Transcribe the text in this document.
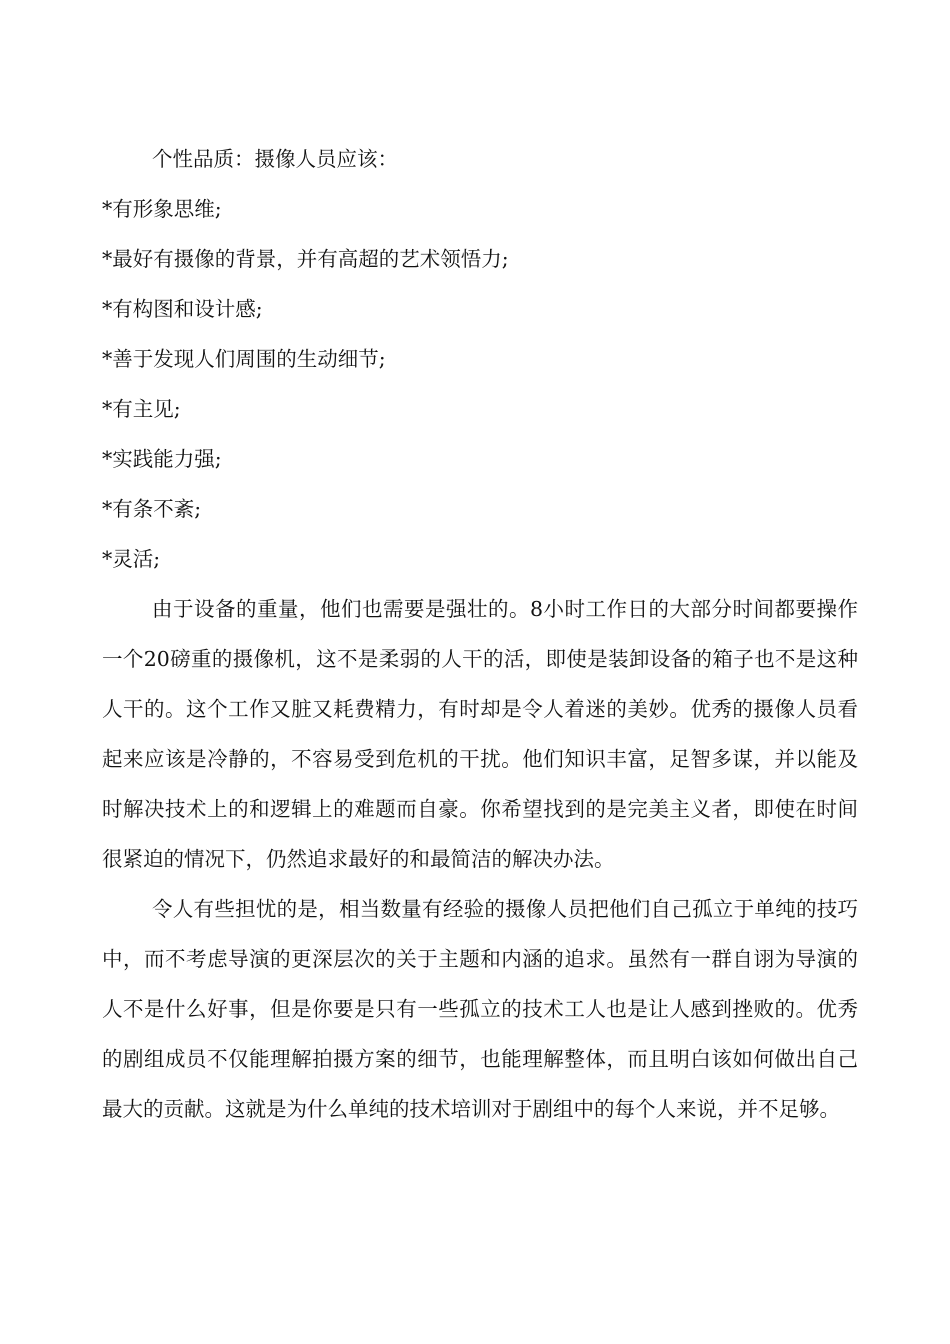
个性品质：摄像人员应该：

*有形象思维;

*最好有摄像的背景，并有高超的艺术领悟力;

*有构图和设计感;

*善于发现人们周围的生动细节;

*有主见;

*实践能力强;

*有条不紊;

*灵活;

由于设备的重量，他们也需要是强壮的。8小时工作日的大部分时间都要操作一个20磅重的摄像机，这不是柔弱的人干的活，即使是装卸设备的箱子也不是这种人干的。这个工作又脏又耗费精力，有时却是令人着迷的美妙。优秀的摄像人员看起来应该是冷静的，不容易受到危机的干扰。他们知识丰富，足智多谋，并以能及时解决技术上的和逻辑上的难题而自豪。你希望找到的是完美主义者，即使在时间很紧迫的情况下，仍然追求最好的和最简洁的解决办法。

令人有些担忧的是，相当数量有经验的摄像人员把他们自己孤立于单纯的技巧中，而不考虑导演的更深层次的关于主题和内涵的追求。虽然有一群自诩为导演的人不是什么好事，但是你要是只有一些孤立的技术工人也是让人感到挫败的。优秀的剧组成员不仅能理解拍摄方案的细节，也能理解整体，而且明白该如何做出自己最大的贡献。这就是为什么单纯的技术培训对于剧组中的每个人来说，并不足够。
